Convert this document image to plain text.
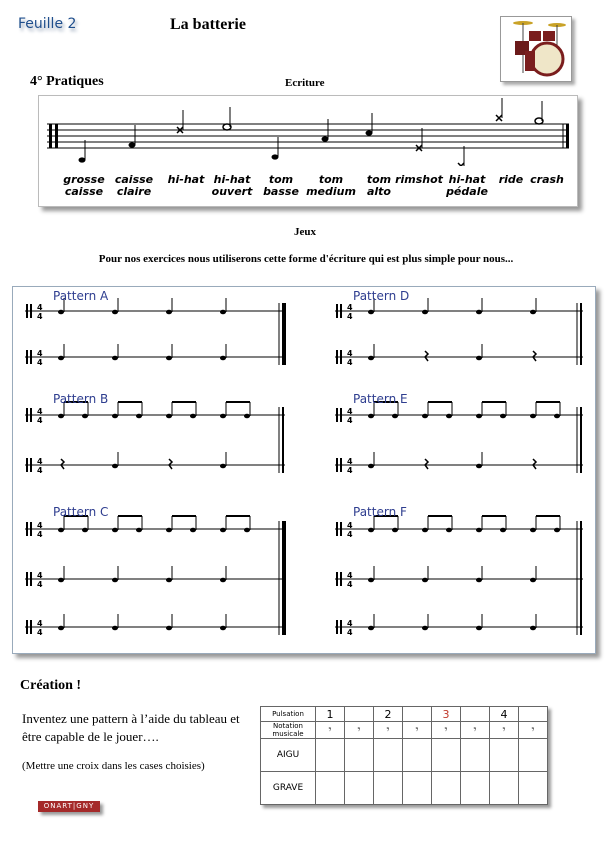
Feuille 2	La batterie
4° Pratiques	Ecriture
grosse
caisse
caisse
claire
hi-hat hi-hat
ouvert
tom
basse
tom
medium
tom
alto
rimshot hi-hat
pédale
ride crash
Jeux
Pour nos exercices nous utiliserons cette forme d'écriture qui est plus simple pour nous...
4
4
4
4
4
4
4
4
4
4
4
4
4
4
4
4
4
4
4
4
4
4
4
4
4
4
4
4
Pattern A
Pattern B
Pattern C
Pattern D
Pattern E
Pattern F
Création !
Inventez une pattern à l’aide du tableau et être capable de le jouer….
(Mettre une croix dans les cases choisies)
ONART|GNY
Pulsation	1		2		3		4	
Notation musicale	𝄾	𝄾	𝄾	𝄾	𝄾	𝄾	𝄾	𝄾
AIGU								
GRAVE								
